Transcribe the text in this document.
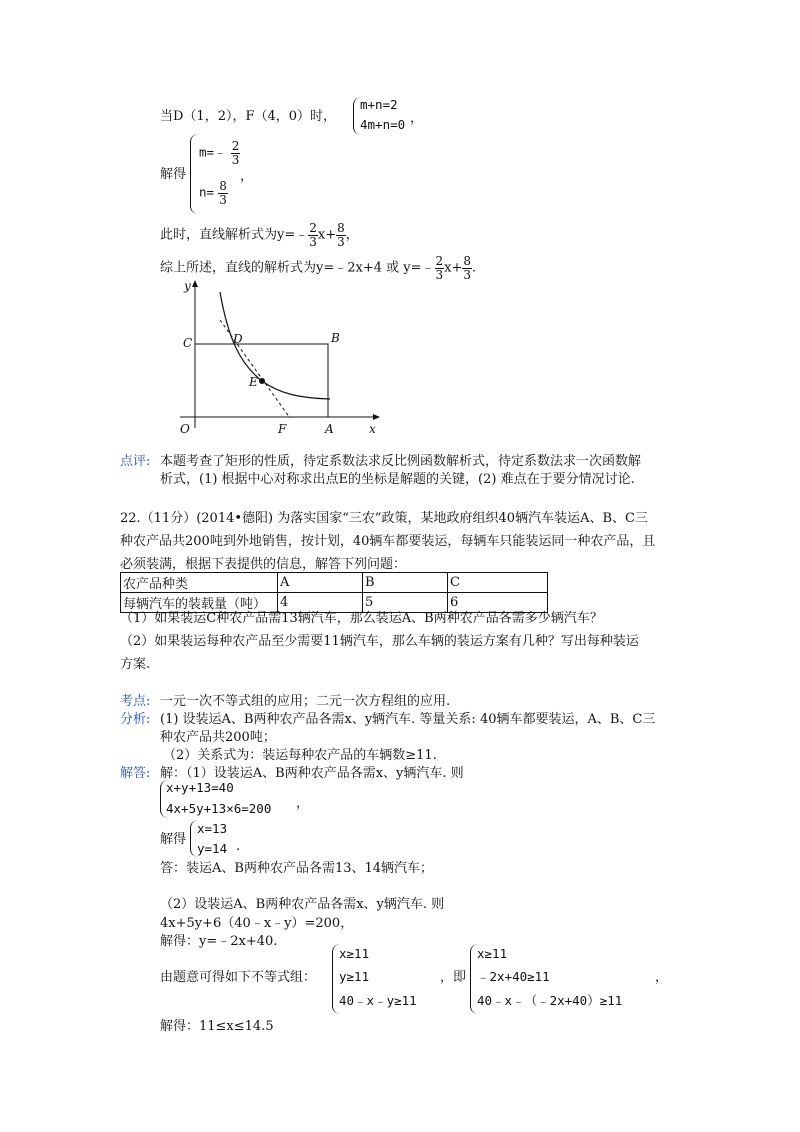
当D（1，2），F（4，0）时，
m+n=2
4m+n=0 ，
解得
m=﹣ $\frac{2}{3}$
，
$n= \frac{8}{3}$
此时，直线解析式为y=﹣ $\frac{2}{3} x+ \frac{8}{3}$ ，
综上所述，直线的解析式为y=﹣2x+4 或 y=﹣ $\frac{2}{3} x+ \frac{8}{3}$ .
y
x
C	D	B
E
O	F	A
点评: 本题考查了矩形的性质，待定系数法求反比例函数解析式，待定系数法求一次函数解
析式，(1) 根据中心对称求出点E的坐标是解题的关键，(2) 难点在于要分情况讨论.
22.（11分）(2014•德阳) 为落实国家“三农”政策，某地政府组织40辆汽车装运A、B、C三
种农产品共200吨到外地销售，按计划，40辆车都要装运，每辆车只能装运同一种农产品，且
必须装满，根据下表提供的信息，解答下列问题：
农产品种类	A	B	C
每辆汽车的装载量（吨）	4	5	6
（1）如果装运C种农产品需13辆汽车，那么装运A、B两种农产品各需多少辆汽车？
（2）如果装运每种农产品至少需要11辆汽车，那么车辆的装运方案有几种？写出每种装运
方案.
考点: 一元一次不等式组的应用；二元一次方程组的应用.
分析: (1) 设装运A、B两种农产品各需x、y辆汽车. 等量关系: 40辆车都要装运，A、B、C三
种农产品共200吨；
（2）关系式为：装运每种农产品的车辆数≥11.
解答: 解：（1）设装运A、B两种农产品各需x、y辆汽车. 则
x+y+13=40
4x+5y+13×6=200 ，
解得
x=13
y=14 .
答：装运A、B两种农产品各需13、14辆汽车；
（2）设装运A、B两种农产品各需x、y辆汽车. 则
4x+5y+6（40﹣x﹣y）=200，
解得：y=﹣2x+40.
由题意可得如下不等式组：
x≥11
y≥11
40﹣x﹣y≥11
，即
x≥11
﹣2x+40≥11
40﹣x﹣（﹣2x+40）≥11
，
解得：11≤x≤14.5
